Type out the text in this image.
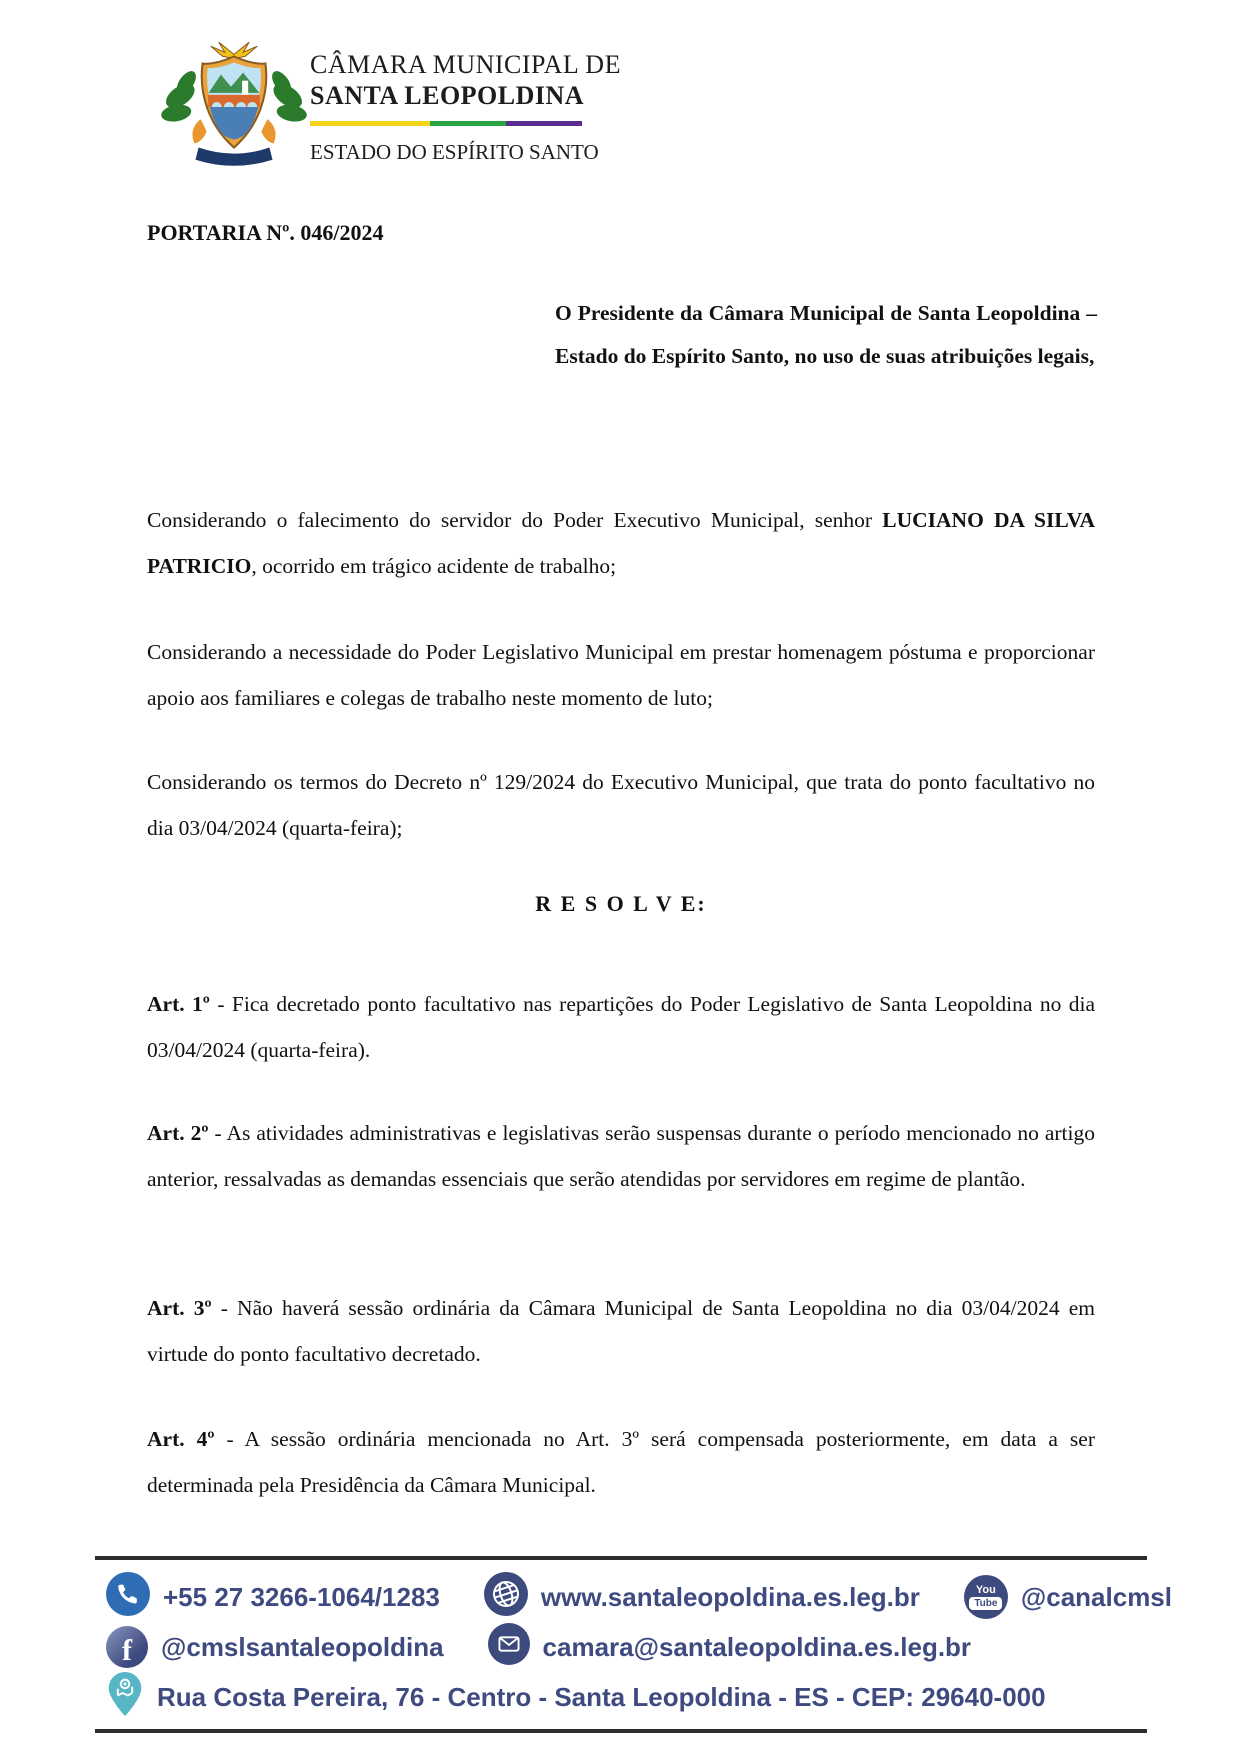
CÂMARA MUNICIPAL DE
SANTA LEOPOLDINA
ESTADO DO ESPÍRITO SANTO
PORTARIA Nº. 046/2024
O Presidente da Câmara Municipal de Santa Leopoldina – Estado do Espírito Santo, no uso de suas atribuições legais,
Considerando o falecimento do servidor do Poder Executivo Municipal, senhor LUCIANO DA SILVA PATRICIO, ocorrido em trágico acidente de trabalho;
Considerando a necessidade do Poder Legislativo Municipal em prestar homenagem póstuma e proporcionar apoio aos familiares e colegas de trabalho neste momento de luto;
Considerando os termos do Decreto nº 129/2024 do Executivo Municipal, que trata do ponto facultativo no dia 03/04/2024 (quarta-feira);
R E S O L V E:
Art. 1º - Fica decretado ponto facultativo nas repartições do Poder Legislativo de Santa Leopoldina no dia 03/04/2024 (quarta-feira).
Art. 2º - As atividades administrativas e legislativas serão suspensas durante o período mencionado no artigo anterior, ressalvadas as demandas essenciais que serão atendidas por servidores em regime de plantão.
Art. 3º - Não haverá sessão ordinária da Câmara Municipal de Santa Leopoldina no dia 03/04/2024 em virtude do ponto facultativo decretado.
Art. 4º - A sessão ordinária mencionada no Art. 3º será compensada posteriormente, em data a ser determinada pela Presidência da Câmara Municipal.
+55 27 3266-1064/1283	www.santaleopoldina.es.leg.br	You
Tube @canalcmsl
f	@cmslsantaleopoldina	camara@santaleopoldina.es.leg.br
Rua Costa Pereira, 76 - Centro - Santa Leopoldina - ES - CEP: 29640-000
